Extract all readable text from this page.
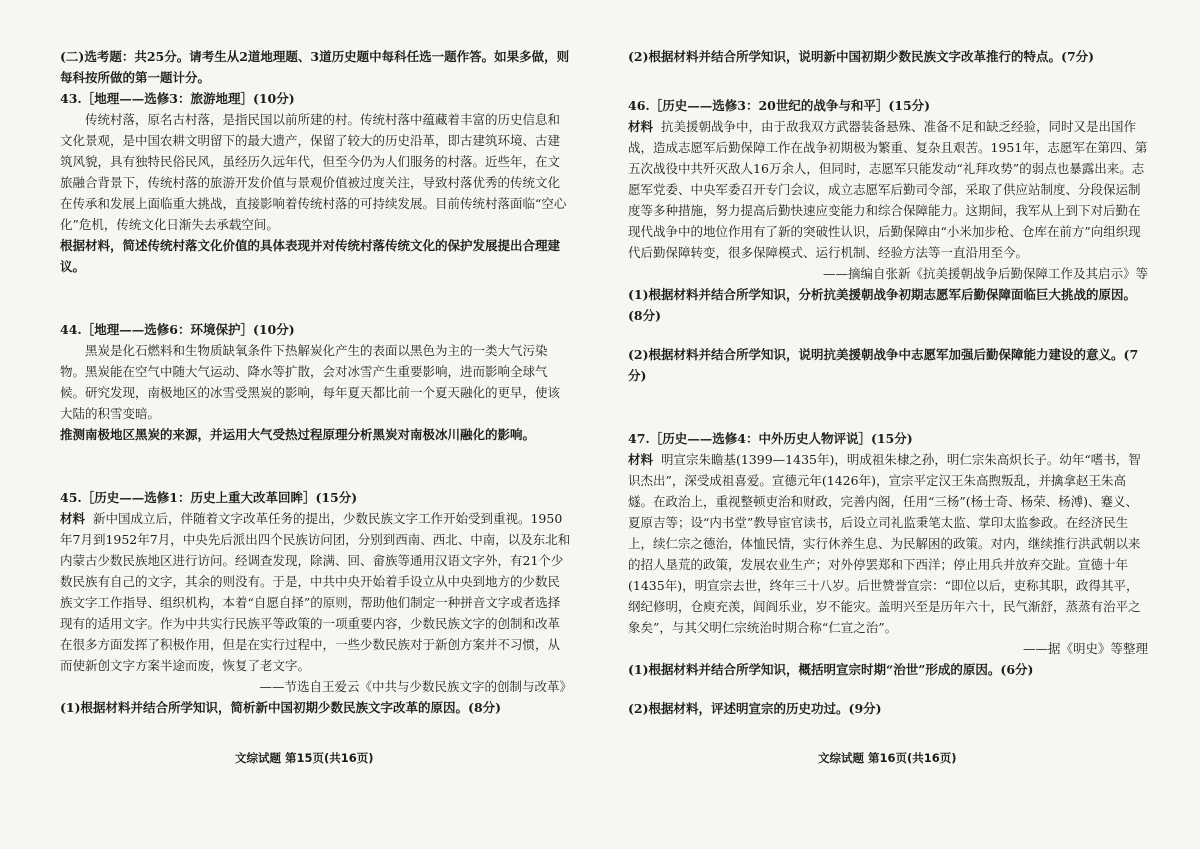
(二)选考题：共25分。请考生从2道地理题、3道历史题中每科任选一题作答。如果多做，则每科按所做的第一题计分。

43.［地理——选修3：旅游地理］(10分)

传统村落，原名古村落，是指民国以前所建的村。传统村落中蕴藏着丰富的历史信息和文化景观，是中国农耕文明留下的最大遗产，保留了较大的历史沿革，即古建筑环境、古建筑风貌，具有独特民俗民风，虽经历久远年代，但至今仍为人们服务的村落。近些年，在文旅融合背景下，传统村落的旅游开发价值与景观价值被过度关注，导致村落优秀的传统文化在传承和发展上面临重大挑战，直接影响着传统村落的可持续发展。目前传统村落面临“空心化”危机，传统文化日渐失去承载空间。

根据材料，简述传统村落文化价值的具体表现并对传统村落传统文化的保护发展提出合理建议。

44.［地理——选修6：环境保护］(10分)

黑炭是化石燃料和生物质缺氧条件下热解炭化产生的表面以黑色为主的一类大气污染物。黑炭能在空气中随大气运动、降水等扩散，会对冰雪产生重要影响，进而影响全球气候。研究发现，南极地区的冰雪受黑炭的影响，每年夏天都比前一个夏天融化的更早，使该大陆的积雪变暗。

推测南极地区黑炭的来源，并运用大气受热过程原理分析黑炭对南极冰川融化的影响。

45.［历史——选修1：历史上重大改革回眸］(15分)

材料 新中国成立后，伴随着文字改革任务的提出，少数民族文字工作开始受到重视。1950年7月到1952年7月，中央先后派出四个民族访问团，分别到西南、西北、中南，以及东北和内蒙古少数民族地区进行访问。经调查发现，除满、回、畲族等通用汉语文字外，有21个少数民族有自己的文字，其余的则没有。于是，中共中央开始着手设立从中央到地方的少数民族文字工作指导、组织机构，本着“自愿自择”的原则，帮助他们制定一种拼音文字或者选择现有的适用文字。作为中共实行民族平等政策的一项重要内容，少数民族文字的创制和改革在很多方面发挥了积极作用，但是在实行过程中，一些少数民族对于新创方案并不习惯，从而使新创文字方案半途而废，恢复了老文字。

——节选自王爱云《中共与少数民族文字的创制与改革》

(1)根据材料并结合所学知识，简析新中国初期少数民族文字改革的原因。(8分)

(2)根据材料并结合所学知识，说明新中国初期少数民族文字改革推行的特点。(7分)

46.［历史——选修3：20世纪的战争与和平］(15分)

材料 抗美援朝战争中，由于敌我双方武器装备悬殊、准备不足和缺乏经验，同时又是出国作战，造成志愿军后勤保障工作在战争初期极为繁重、复杂且艰苦。1951年，志愿军在第四、第五次战役中共歼灭敌人16万余人，但同时，志愿军只能发动“礼拜攻势”的弱点也暴露出来。志愿军党委、中央军委召开专门会议，成立志愿军后勤司令部，采取了供应站制度、分段保运制度等多种措施，努力提高后勤快速应变能力和综合保障能力。这期间，我军从上到下对后勤在现代战争中的地位作用有了新的突破性认识，后勤保障由“小米加步枪、仓库在前方”向组织现代后勤保障转变，很多保障模式、运行机制、经验方法等一直沿用至今。

——摘编自张新《抗美援朝战争后勤保障工作及其启示》等

(1)根据材料并结合所学知识，分析抗美援朝战争初期志愿军后勤保障面临巨大挑战的原因。(8分)

(2)根据材料并结合所学知识，说明抗美援朝战争中志愿军加强后勤保障能力建设的意义。(7分)

47.［历史——选修4：中外历史人物评说］(15分)

材料 明宣宗朱瞻基(1399—1435年)，明成祖朱棣之孙，明仁宗朱高炽长子。幼年“嗜书，智识杰出”，深受成祖喜爱。宣德元年(1426年)，宣宗平定汉王朱高煦叛乱，并擒拿赵王朱高燧。在政治上，重视整顿吏治和财政，完善内阁，任用“三杨”(杨士奇、杨荣、杨溥)、蹇义、夏原吉等；设“内书堂”教导宦官读书，后设立司礼监秉笔太监、掌印太监参政。在经济民生上，续仁宗之德治，体恤民情，实行休养生息、为民解困的政策。对内，继续推行洪武朝以来的招人垦荒的政策，发展农业生产；对外停罢郑和下西洋；停止用兵并放弃交趾。宣德十年(1435年)，明宣宗去世，终年三十八岁。后世赞誉宣宗：“即位以后，吏称其职，政得其平，纲纪修明，仓庾充羡，闾阎乐业，岁不能灾。盖明兴至是历年六十，民气渐舒，蒸蒸有治平之象矣”，与其父明仁宗统治时期合称“仁宣之治”。

——据《明史》等整理

(1)根据材料并结合所学知识，概括明宣宗时期“治世”形成的原因。(6分)

(2)根据材料，评述明宣宗的历史功过。(9分)

文综试题 第15页(共16页)	文综试题 第16页(共16页)
